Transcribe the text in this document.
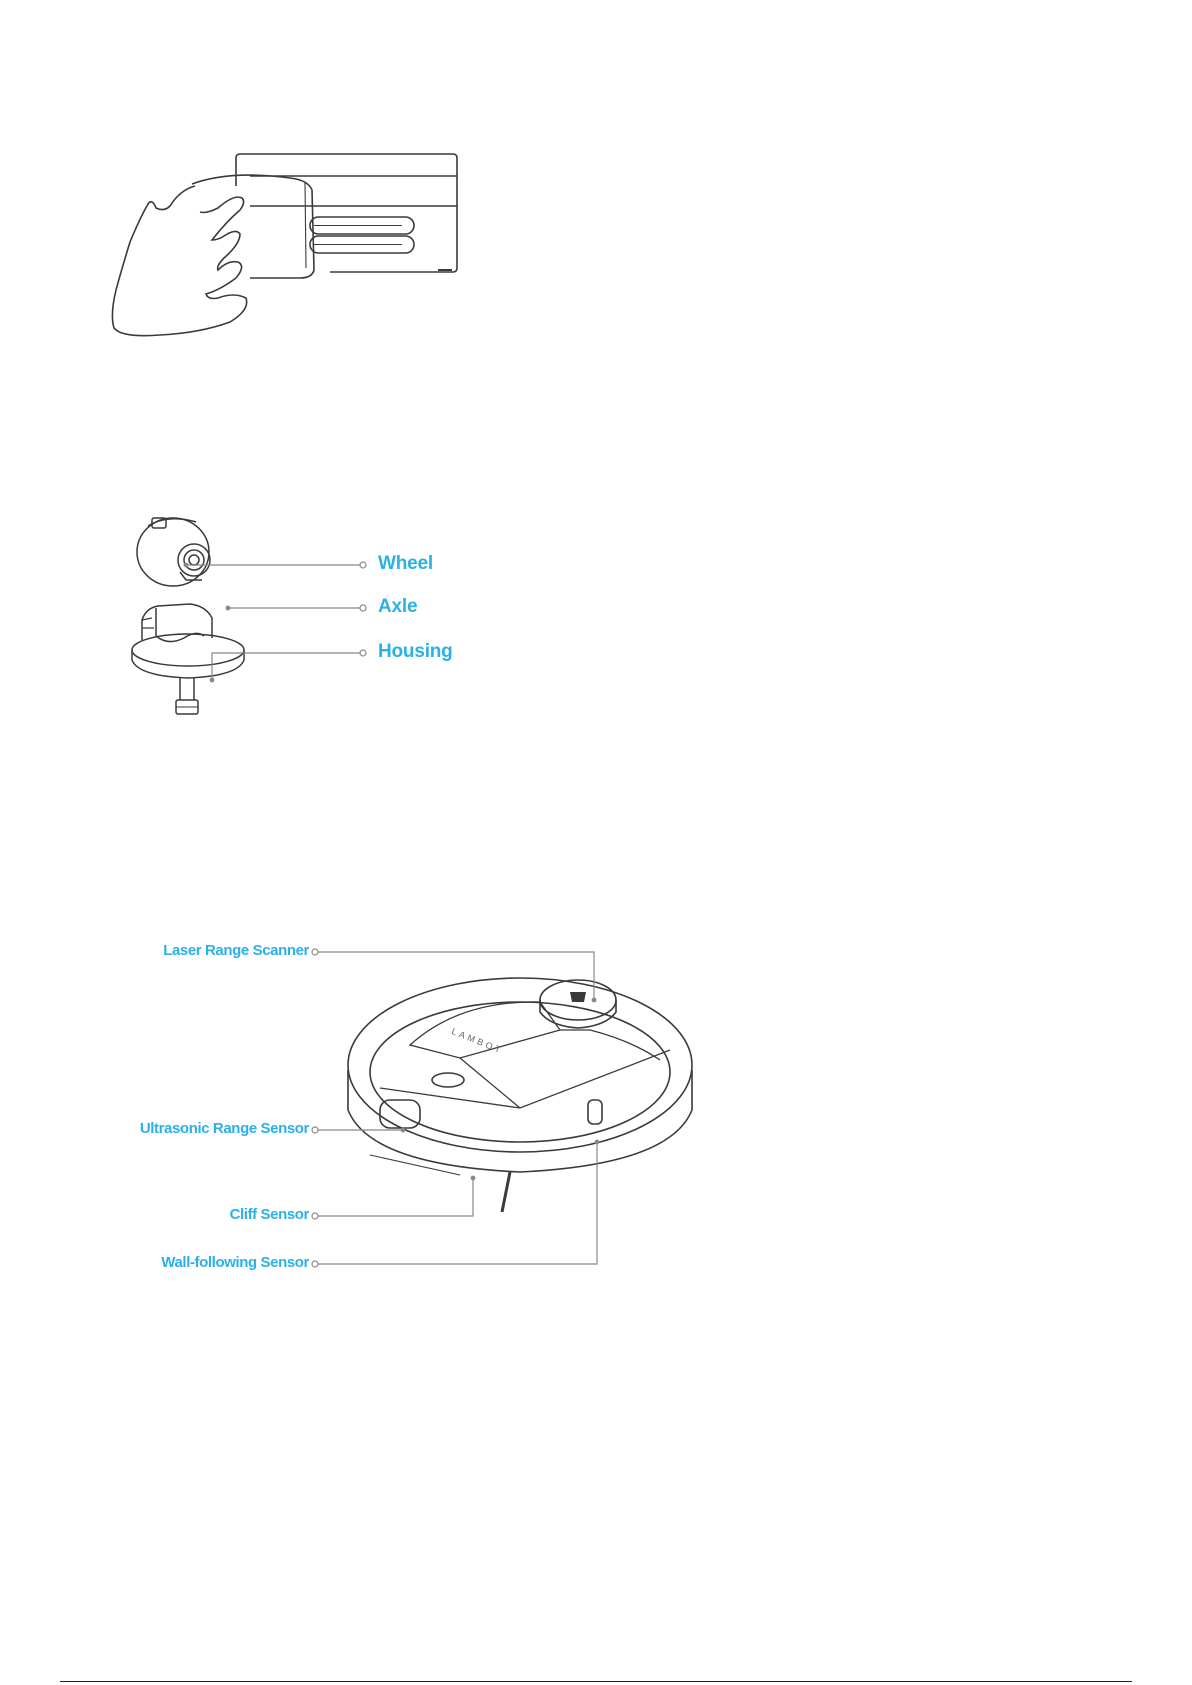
Wheel
Axle
Housing
LAMBOT
Laser Range Scanner
Ultrasonic Range Sensor
Cliff Sensor
Wall-following Sensor
